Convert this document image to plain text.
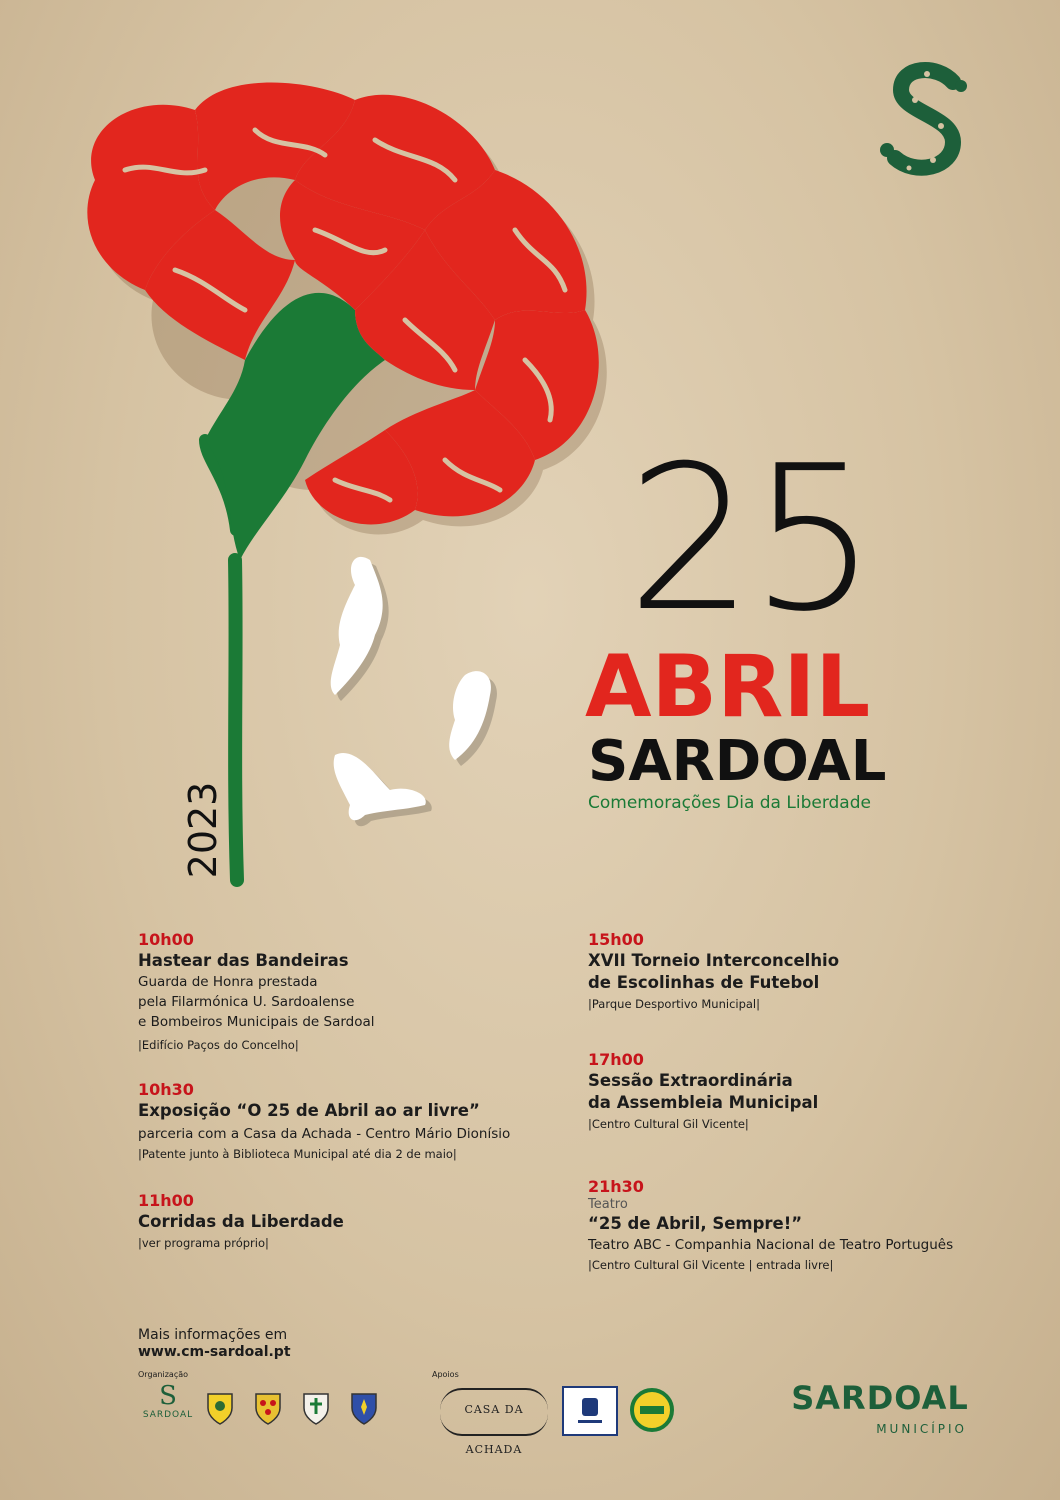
25
ABRIL
SARDOAL
Comemorações Dia da Liberdade
2023
10h00
Hastear das Bandeiras
Guarda de Honra prestada
pela Filarmónica U. Sardoalense
e Bombeiros Municipais de Sardoal
|Edifício Paços do Concelho|
10h30
Exposição “O 25 de Abril ao ar livre”
parceria com a Casa da Achada - Centro Mário Dionísio
|Patente junto à Biblioteca Municipal até dia 2 de maio|
11h00
Corridas da Liberdade
|ver programa próprio|
15h00
XVII Torneio Interconcelhio
de Escolinhas de Futebol
|Parque Desportivo Municipal|
17h00
Sessão Extraordinária
da Assembleia Municipal
|Centro Cultural Gil Vicente|
21h30
Teatro
“25 de Abril, Sempre!”
Teatro ABC - Companhia Nacional de Teatro Português
|Centro Cultural Gil Vicente | entrada livre|
Mais informações em
www.cm-sardoal.pt
Organização	Apoios
S
SARDOAL	CASA DA ACHADA
SARDOAL
MUNICÍPIO
